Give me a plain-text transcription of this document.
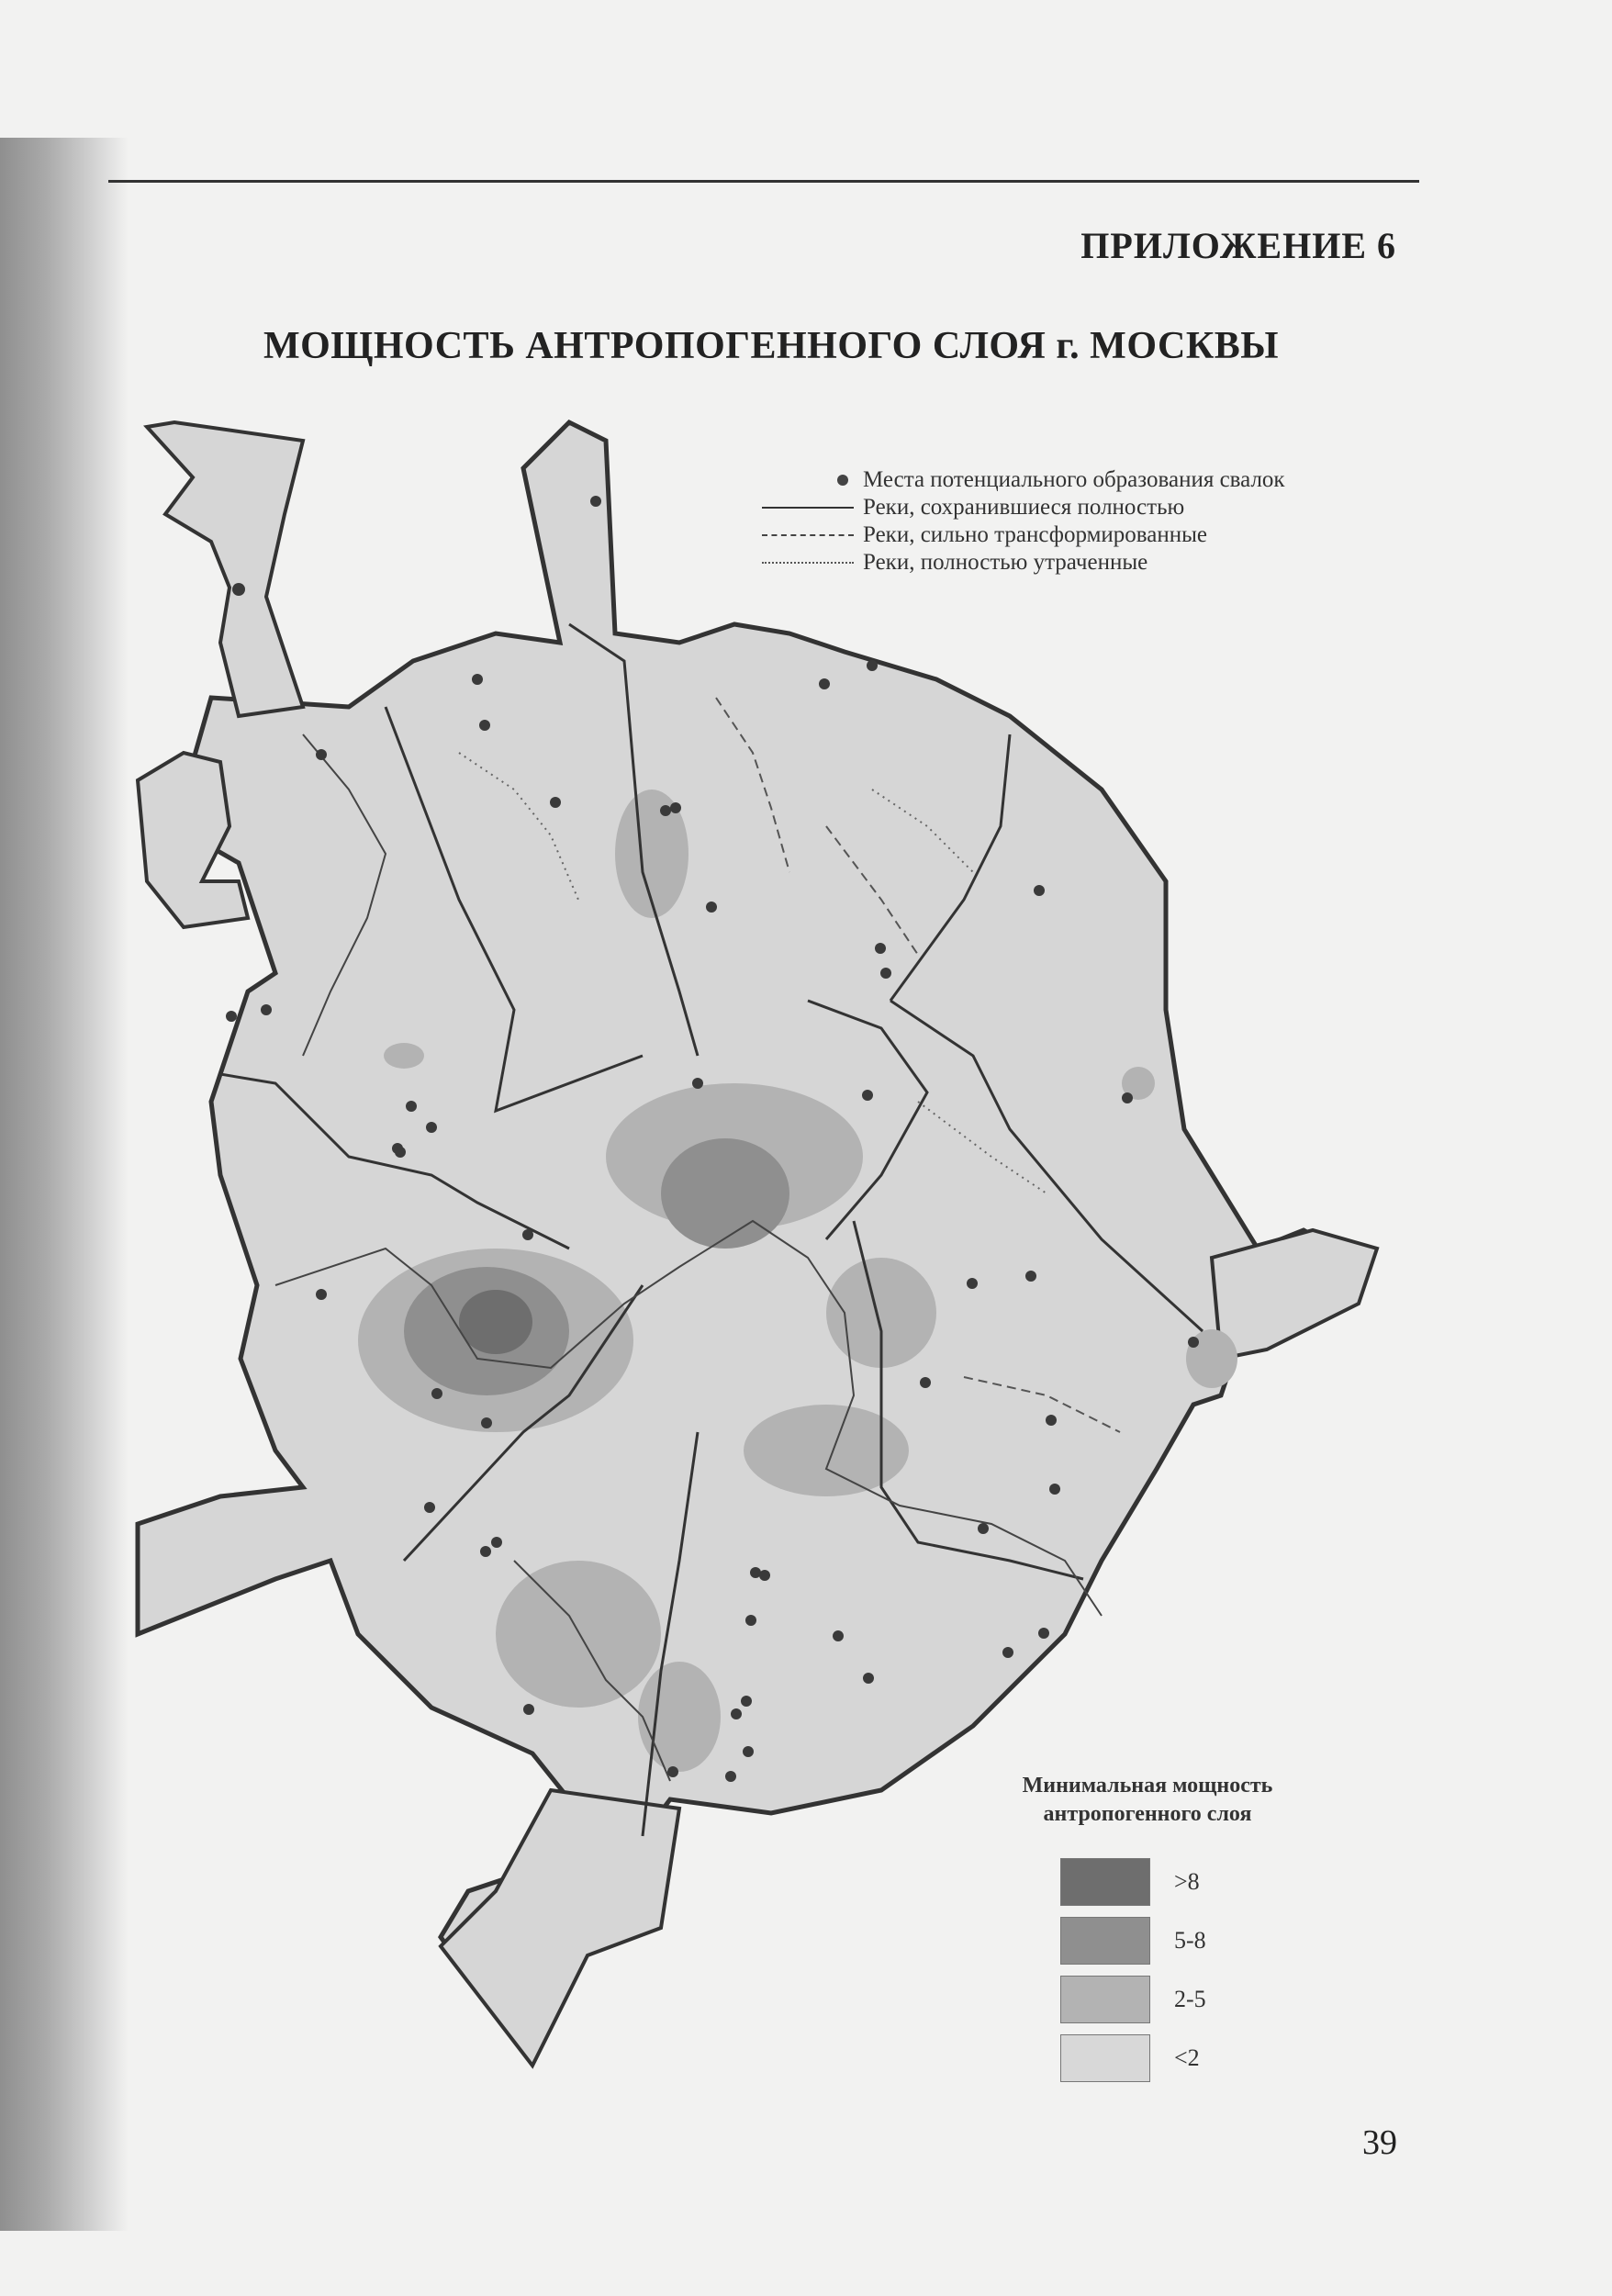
ПРИЛОЖЕНИЕ 6
МОЩНОСТЬ АНТРОПОГЕННОГО СЛОЯ г. МОСКВЫ
Места потенциального образования свалок
Реки, сохранившиеся полностью
Реки, сильно трансформированные
Реки, полностью утраченные
Минимальная мощность
антропогенного слоя
>8
5-8
2-5
<2
39
